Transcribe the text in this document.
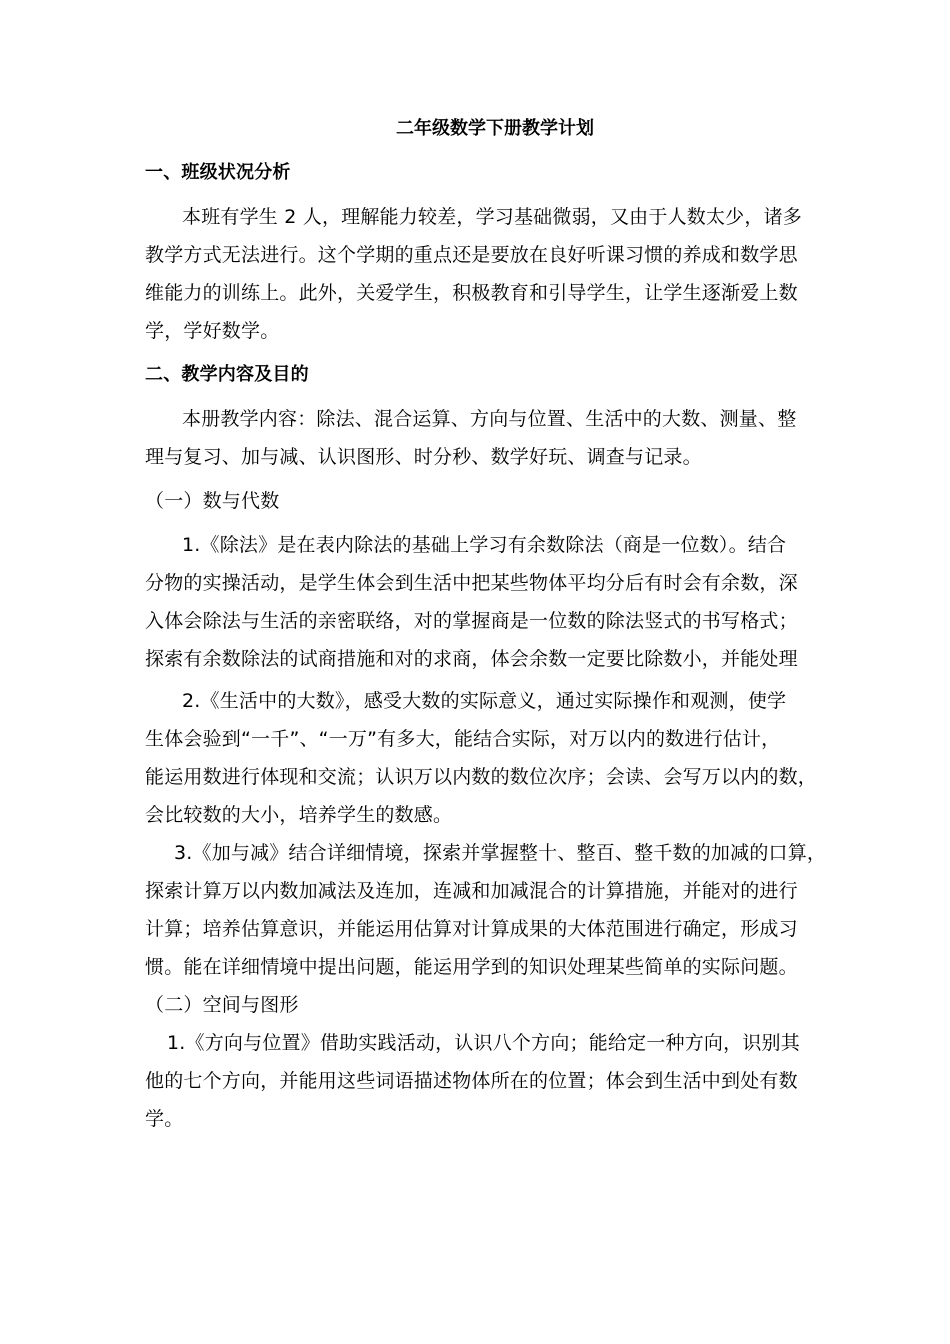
二年级数学下册教学计划
一、班级状况分析
本班有学生 2 人，理解能力较差，学习基础微弱，又由于人数太少，诸多
教学方式无法进行。这个学期的重点还是要放在良好听课习惯的养成和数学思
维能力的训练上。此外，关爱学生，积极教育和引导学生，让学生逐渐爱上数
学，学好数学。
二、教学内容及目的
本册教学内容：除法、混合运算、方向与位置、生活中的大数、测量、整
理与复习、加与减、认识图形、时分秒、数学好玩、调查与记录。
（一）数与代数
1.《除法》是在表内除法的基础上学习有余数除法（商是一位数）。结合
分物的实操活动，是学生体会到生活中把某些物体平均分后有时会有余数，深
入体会除法与生活的亲密联络，对的掌握商是一位数的除法竖式的书写格式；
探索有余数除法的试商措施和对的求商，体会余数一定要比除数小，并能处理
2.《生活中的大数》，感受大数的实际意义，通过实际操作和观测，使学
生体会验到“一千”、“一万”有多大，能结合实际，对万以内的数进行估计，
能运用数进行体现和交流；认识万以内数的数位次序；会读、会写万以内的数，
会比较数的大小，培养学生的数感。
3.《加与减》结合详细情境，探索并掌握整十、整百、整千数的加减的口算，
探索计算万以内数加减法及连加，连减和加减混合的计算措施，并能对的进行
计算；培养估算意识，并能运用估算对计算成果的大体范围进行确定，形成习
惯。能在详细情境中提出问题，能运用学到的知识处理某些简单的实际问题。
（二）空间与图形
1.《方向与位置》借助实践活动，认识八个方向；能给定一种方向，识别其
他的七个方向，并能用这些词语描述物体所在的位置；体会到生活中到处有数
学。
